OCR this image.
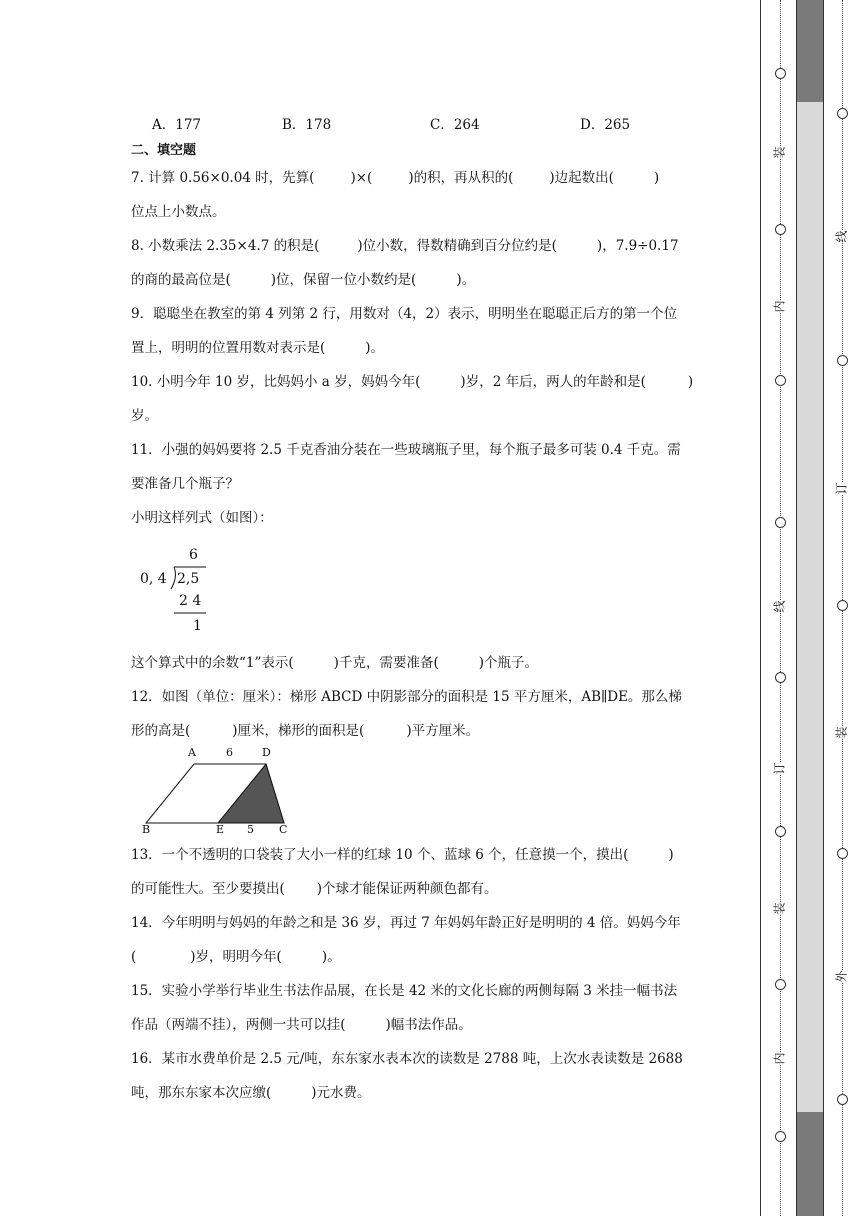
A．177	B．178	C．264	D．265
二、填空题
7. 计算 0.56×0.04 时，先算(	)×(	)的积，再从积的(	)边起数出(	)
位点上小数点。
8. 小数乘法 2.35×4.7 的积是(	)位小数，得数精确到百分位约是(	)，7.9÷0.17
的商的最高位是(	)位，保留一位小数约是(	)。
9．聪聪坐在教室的第 4 列第 2 行，用数对（4，2）表示，明明坐在聪聪正后方的第一个位
置上，明明的位置用数对表示是(	)。
10. 小明今年 10 岁，比妈妈小 a 岁，妈妈今年(	)岁，2 年后，两人的年龄和是(	)
岁。
11．小强的妈妈要将 2.5 千克香油分装在一些玻璃瓶子里，每个瓶子最多可装 0.4 千克。需
要准备几个瓶子？
小明这样列式（如图）：
6
0, 4 2,5
2 4
1
这个算式中的余数“1”表示(	)千克，需要准备(	)个瓶子。
12．如图（单位：厘米）：梯形 ABCD 中阴影部分的面积是 15 平方厘米，AB∥DE。那么梯
形的高是(	)厘米，梯形的面积是(	)平方厘米。
A	6	D
B	E 5 C
13．一个不透明的口袋装了大小一样的红球 10 个、蓝球 6 个，任意摸一个，摸出(	)
的可能性大。至少要摸出( )个球才能保证两种颜色都有。
14．今年明明与妈妈的年龄之和是 36 岁，再过 7 年妈妈年龄正好是明明的 4 倍。妈妈今年
(	)岁，明明今年(	)。
15．实验小学举行毕业生书法作品展，在长是 42 米的文化长廊的两侧每隔 3 米挂一幅书法
作品（两端不挂），两侧一共可以挂(	)幅书法作品。
16．某市水费单价是 2.5 元/吨，东东家水表本次的读数是 2788 吨，上次水表读数是 2688
吨，那东东家本次应缴(	)元水费。
装
内
线
订
装
内
线
订
装
外
